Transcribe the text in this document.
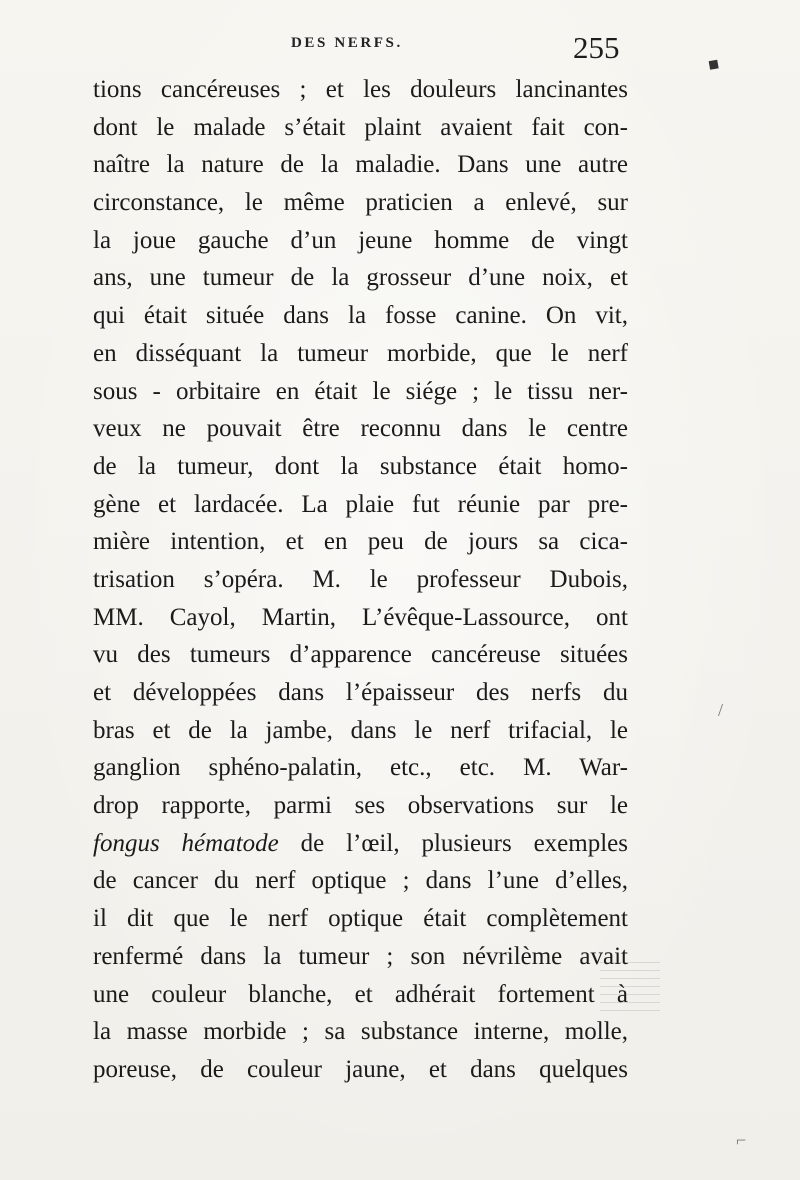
DES NERFS.	255	◆
tions cancéreuses ; et les douleurs lancinantes
dont le malade s’était plaint avaient fait con-
naître la nature de la maladie. Dans une autre
circonstance, le même praticien a enlevé, sur
la joue gauche d’un jeune homme de vingt
ans, une tumeur de la grosseur d’une noix, et
qui était située dans la fosse canine. On vit,
en disséquant la tumeur morbide, que le nerf
sous - orbitaire en était le siége ; le tissu ner-
veux ne pouvait être reconnu dans le centre
de la tumeur, dont la substance était homo-
gène et lardacée. La plaie fut réunie par pre-
mière intention, et en peu de jours sa cica-
trisation s’opéra. M. le professeur Dubois,
MM. Cayol, Martin, L’évêque-Lassource, ont
vu des tumeurs d’apparence cancéreuse situées
et développées dans l’épaisseur des nerfs du
bras et de la jambe, dans le nerf trifacial, le
ganglion sphéno-palatin, etc., etc. M. War-
drop rapporte, parmi ses observations sur le
fongus hématode de l’œil, plusieurs exemples
de cancer du nerf optique ; dans l’une d’elles,
il dit que le nerf optique était complètement
renfermé dans la tumeur ; son névrilème avait
une couleur blanche, et adhérait fortement à
la masse morbide ; sa substance interne, molle,
poreuse, de couleur jaune, et dans quelques
/
⌐
